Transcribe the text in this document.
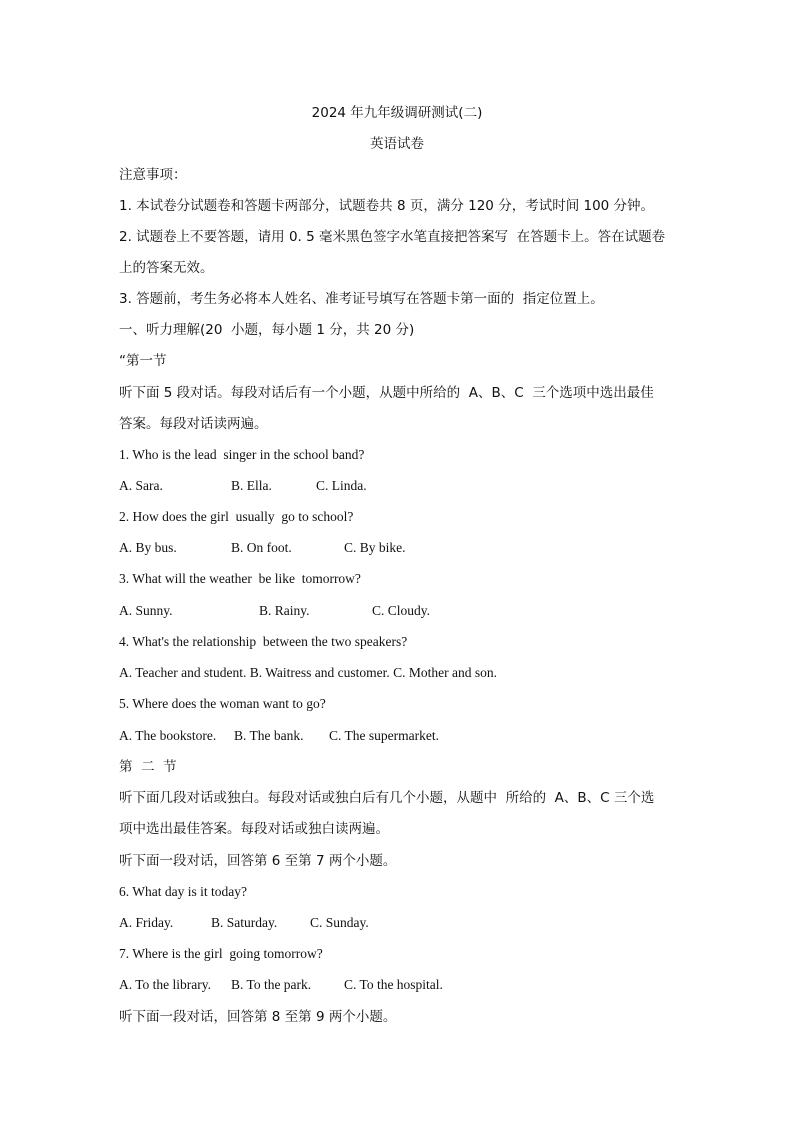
2024 年九年级调研测试(二)
英语试卷
注意事项：
1. 本试卷分试题卷和答题卡两部分，试题卷共 8 页，满分 120 分，考试时间 100 分钟。
2. 试题卷上不要答题，请用 0. 5 毫米黑色签字水笔直接把答案写  在答题卡上。答在试题卷
上的答案无效。
3. 答题前，考生务必将本人姓名、准考证号填写在答题卡第一面的  指定位置上。
一、听力理解(20  小题，每小题 1 分，共 20 分)
“第一节
听下面 5 段对话。每段对话后有一个小题，从题中所给的  A、B、C  三个选项中选出最佳
答案。每段对话读两遍。
1. Who is the lead  singer in the school band?
A. Sara.	B. Ella.	C. Linda.
2. How does the girl  usually  go to school?
A. By bus.	B. On foot.	C. By bike.
3. What will the weather  be like  tomorrow?
A. Sunny.	B. Rainy.	C. Cloudy.
4. What's the relationship  between the two speakers?
A. Teacher and student. B. Waitress and customer. C. Mother and son.
5. Where does the woman want to go?
A. The bookstore. B. The bank. C. The supermarket.
第  二  节
听下面几段对话或独白。每段对话或独白后有几个小题，从题中  所给的  A、B、C 三个选
项中选出最佳答案。每段对话或独白读两遍。
听下面一段对话，回答第 6 至第 7 两个小题。
6. What day is it today?
A. Friday.	B. Saturday. C. Sunday.
7. Where is the girl  going tomorrow?
A. To the library. B. To the park. C. To the hospital.
听下面一段对话，回答第 8 至第 9 两个小题。
